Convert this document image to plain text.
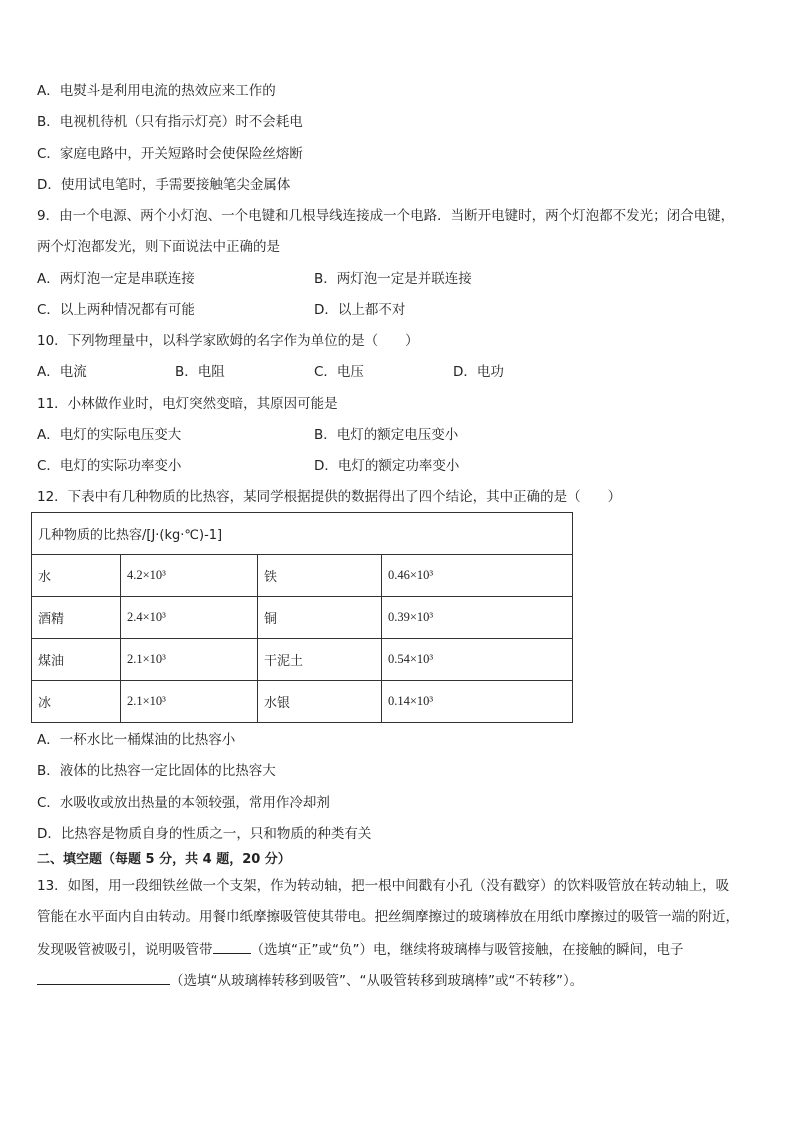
A．电熨斗是利用电流的热效应来工作的
B．电视机待机（只有指示灯亮）时不会耗电
C．家庭电路中，开关短路时会使保险丝熔断
D．使用试电笔时，手需要接触笔尖金属体
9．由一个电源、两个小灯泡、一个电键和几根导线连接成一个电路．当断开电键时，两个灯泡都不发光；闭合电键，
两个灯泡都发光，则下面说法中正确的是
A．两灯泡一定是串联连接	B．两灯泡一定是并联连接
C．以上两种情况都有可能	D．以上都不对
10．下列物理量中，以科学家欧姆的名字作为单位的是（　　）
A．电流	B．电阻	C．电压	D．电功
11．小林做作业时，电灯突然变暗，其原因可能是
A．电灯的实际电压变大	B．电灯的额定电压变小
C．电灯的实际功率变小	D．电灯的额定功率变小
12．下表中有几种物质的比热容，某同学根据提供的数据得出了四个结论，其中正确的是（　　）
几种物质的比热容/[J·(kg·℃)-1]			
水	4.2×10³	铁	0.46×10³
酒精	2.4×10³	铜	0.39×10³
煤油	2.1×10³	干泥土	0.54×10³
冰	2.1×10³	水银	0.14×10³
A．一杯水比一桶煤油的比热容小
B．液体的比热容一定比固体的比热容大
C．水吸收或放出热量的本领较强，常用作冷却剂
D．比热容是物质自身的性质之一，只和物质的种类有关
二、填空题（每题 5 分，共 4 题，20 分）
13．如图，用一段细铁丝做一个支架，作为转动轴，把一根中间戳有小孔（没有戳穿）的饮料吸管放在转动轴上，吸
管能在水平面内自由转动。用餐巾纸摩擦吸管使其带电。把丝绸摩擦过的玻璃棒放在用纸巾摩擦过的吸管一端的附近，
发现吸管被吸引，说明吸管带	（选填“正”或“负”）电，继续将玻璃棒与吸管接触，在接触的瞬间，电子
（选填“从玻璃棒转移到吸管”、“从吸管转移到玻璃棒”或“不转移”）。
